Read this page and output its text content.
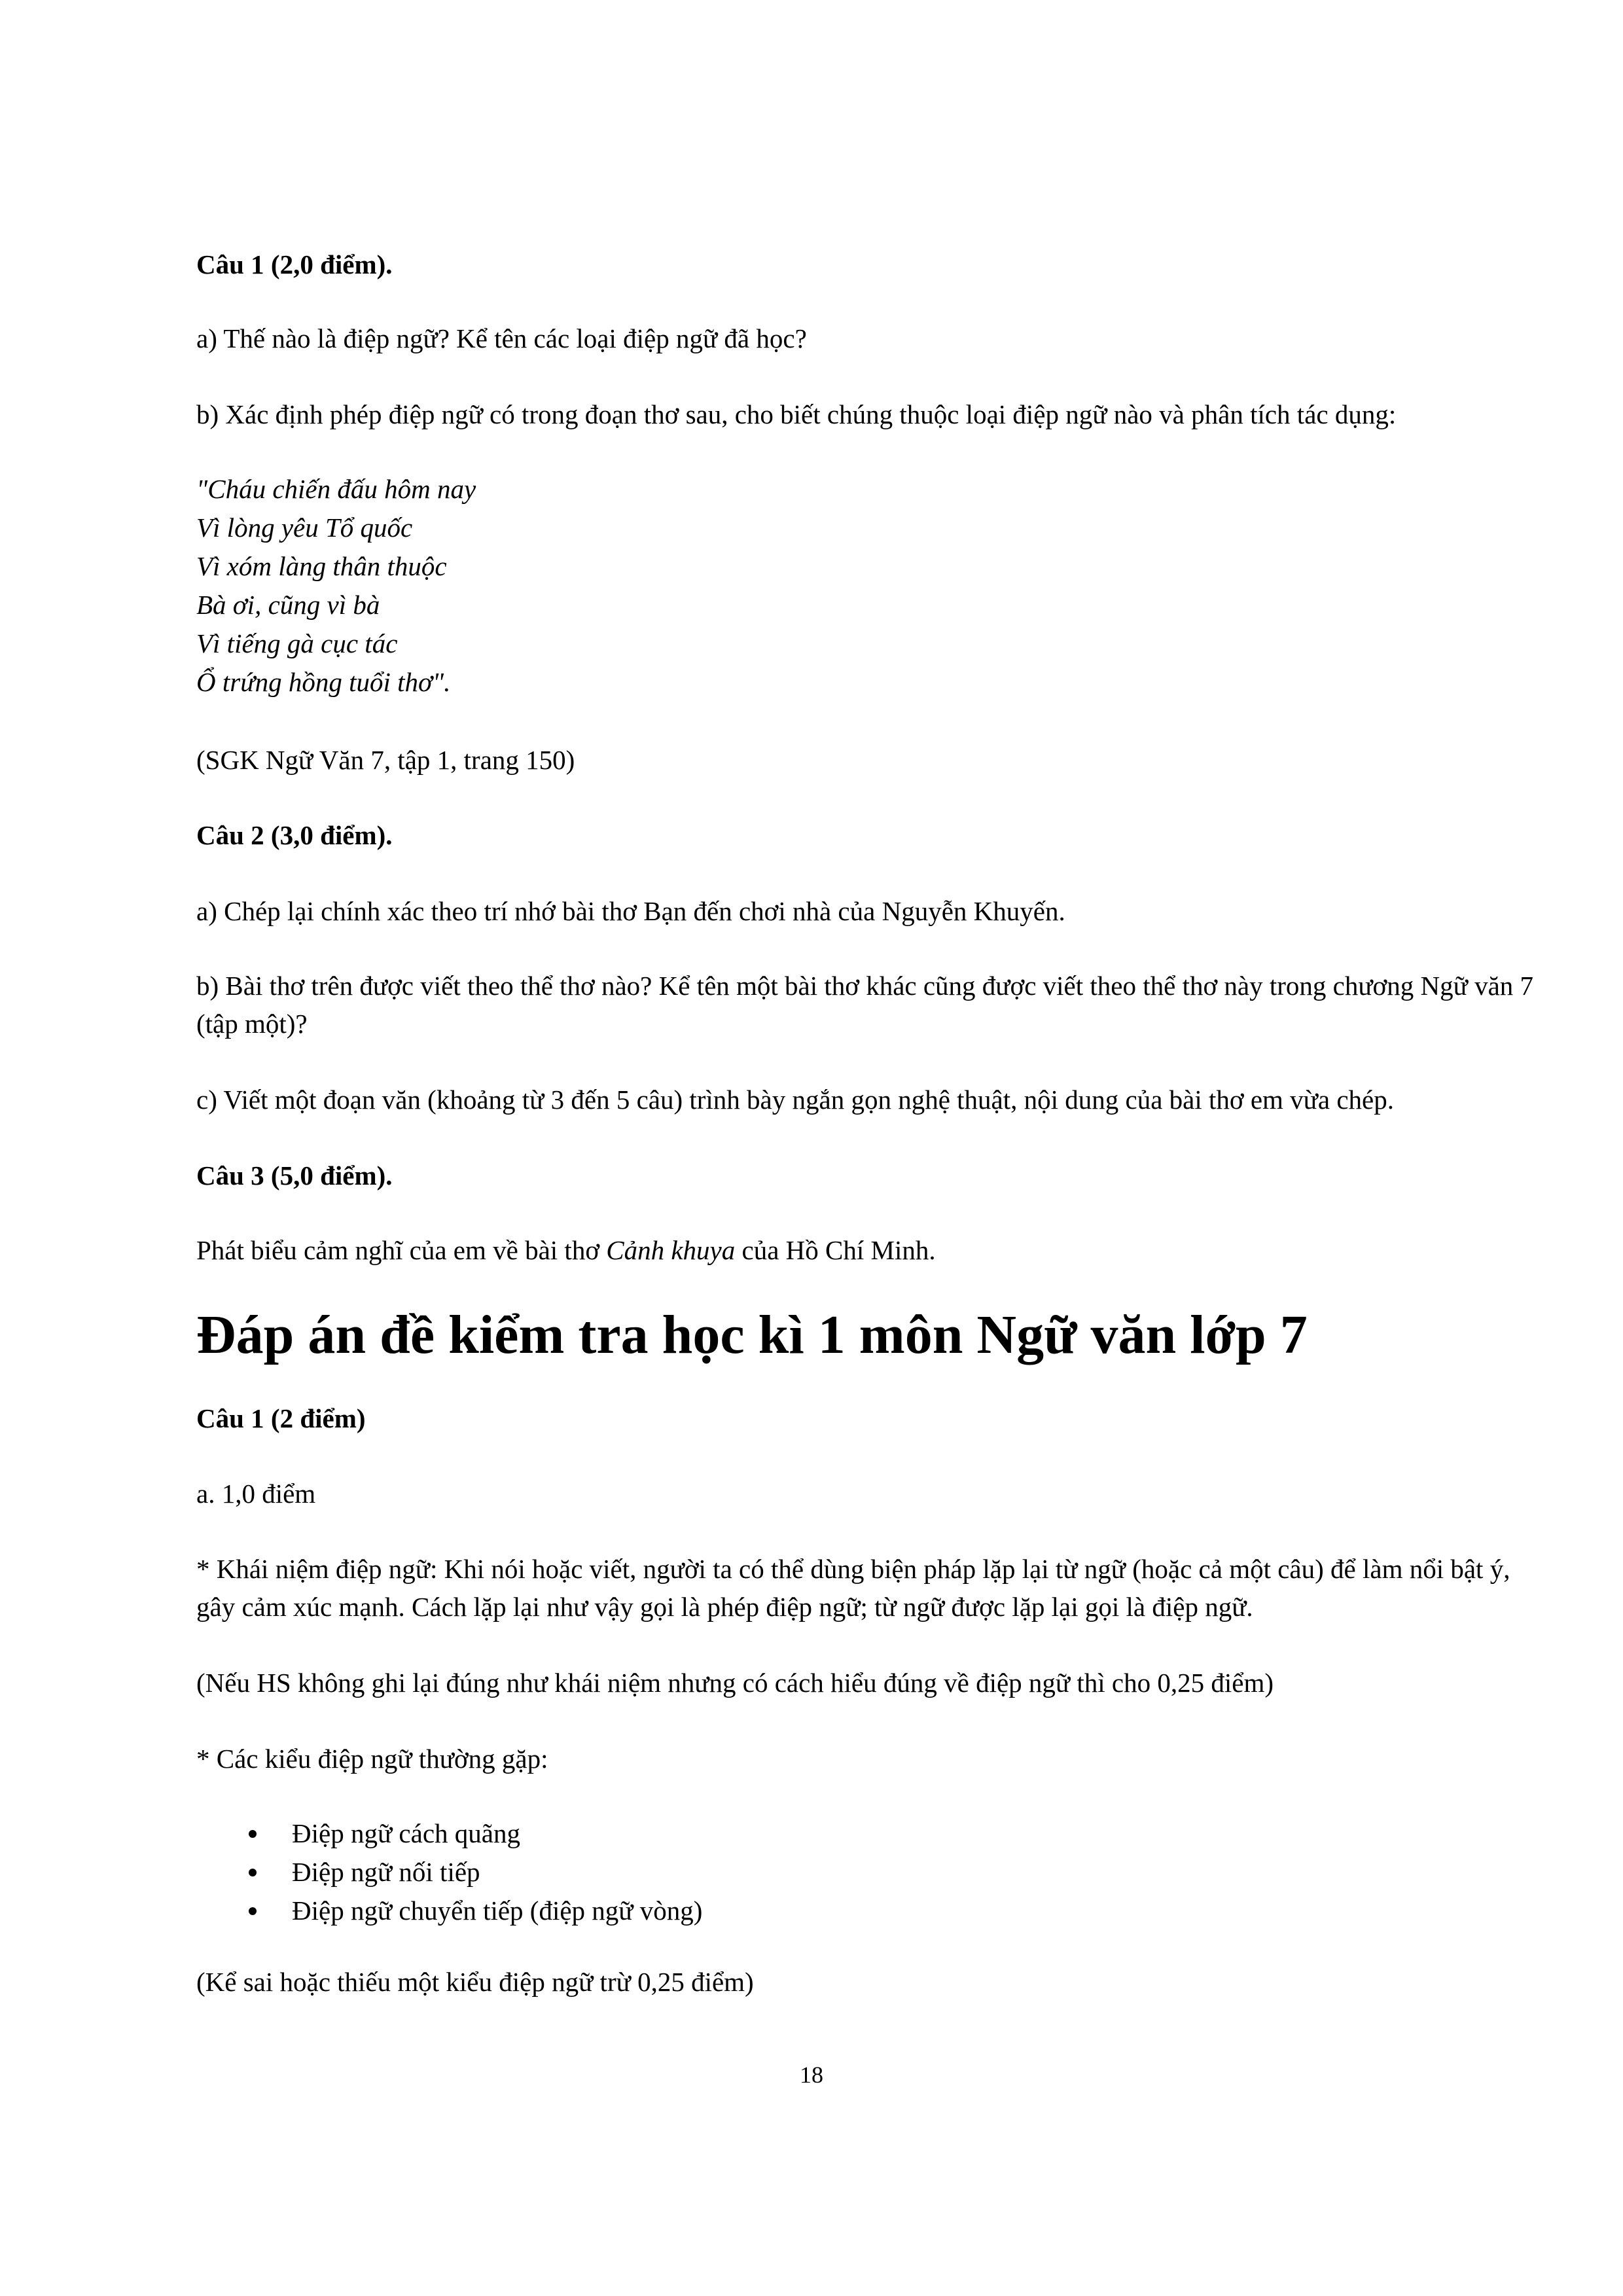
Câu 1 (2,0 điểm).

a) Thế nào là điệp ngữ? Kể tên các loại điệp ngữ đã học?

b) Xác định phép điệp ngữ có trong đoạn thơ sau, cho biết chúng thuộc loại điệp ngữ nào và phân tích tác dụng:

"Cháu chiến đấu hôm nay
Vì lòng yêu Tổ quốc
Vì xóm làng thân thuộc
Bà ơi, cũng vì bà
Vì tiếng gà cục tác
Ổ trứng hồng tuổi thơ".

(SGK Ngữ Văn 7, tập 1, trang 150)

Câu 2 (3,0 điểm).

a) Chép lại chính xác theo trí nhớ bài thơ Bạn đến chơi nhà của Nguyễn Khuyến.

b) Bài thơ trên được viết theo thể thơ nào? Kể tên một bài thơ khác cũng được viết theo thể thơ này trong chương Ngữ văn 7 (tập một)?

c) Viết một đoạn văn (khoảng từ 3 đến 5 câu) trình bày ngắn gọn nghệ thuật, nội dung của bài thơ em vừa chép.

Câu 3 (5,0 điểm).

Phát biểu cảm nghĩ của em về bài thơ Cảnh khuya của Hồ Chí Minh.

Đáp án đề kiểm tra học kì 1 môn Ngữ văn lớp 7

Câu 1 (2 điểm)

a. 1,0 điểm

* Khái niệm điệp ngữ: Khi nói hoặc viết, người ta có thể dùng biện pháp lặp lại từ ngữ (hoặc cả một câu) để làm nổi bật ý, gây cảm xúc mạnh. Cách lặp lại như vậy gọi là phép điệp ngữ; từ ngữ được lặp lại gọi là điệp ngữ.

(Nếu HS không ghi lại đúng như khái niệm nhưng có cách hiểu đúng về điệp ngữ thì cho 0,25 điểm)

* Các kiểu điệp ngữ thường gặp:

Điệp ngữ cách quãng
Điệp ngữ nối tiếp
Điệp ngữ chuyển tiếp (điệp ngữ vòng)

(Kể sai hoặc thiếu một kiểu điệp ngữ trừ 0,25 điểm)

18
